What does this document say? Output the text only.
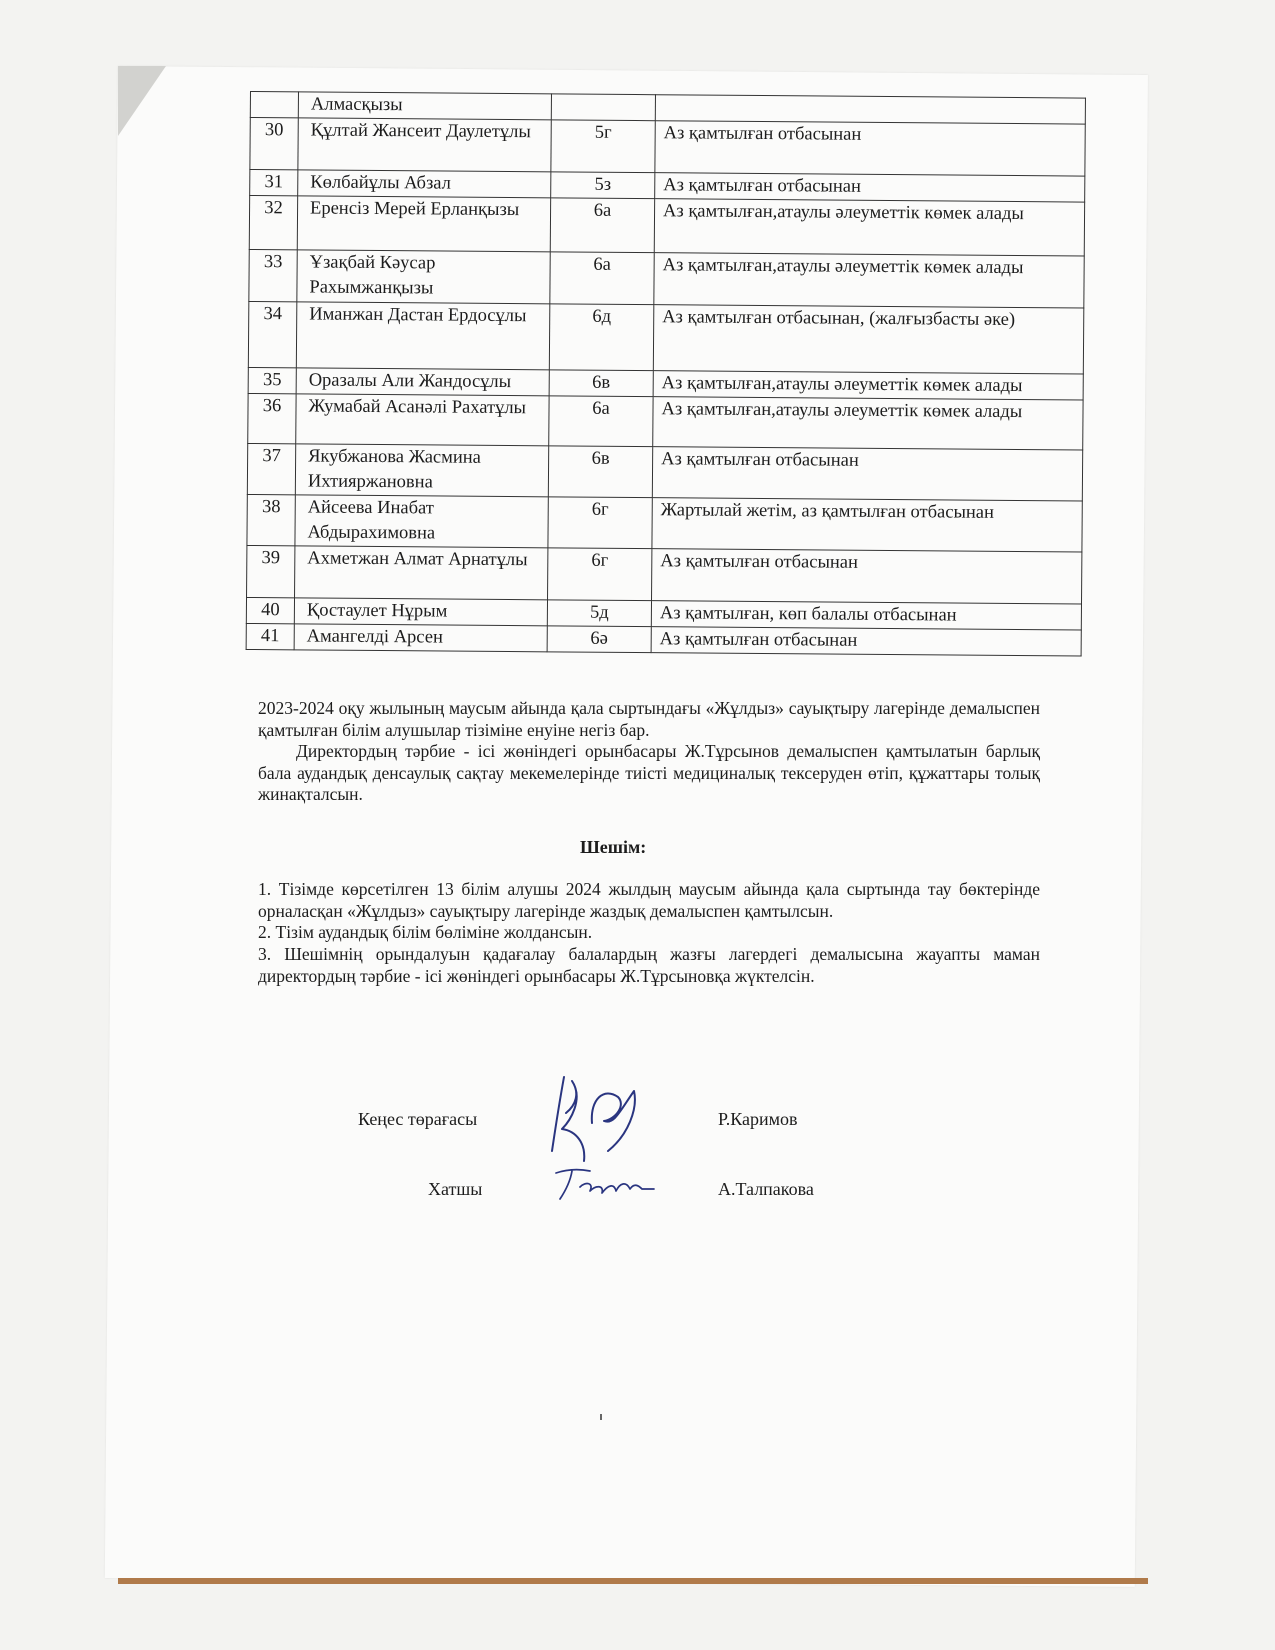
	Алмасқызы		
30	Құлтай Жансеит Даулетұлы	5г	Аз қамтылған отбасынан
31	Көлбайұлы Абзал	5з	Аз қамтылған отбасынан
32	Еренсіз Мерей Ерланқызы	6а	Аз қамтылған,атаулы әлеуметтік көмек алады
33	Ұзақбай Кәусар Рахымжанқызы	6а	Аз қамтылған,атаулы әлеуметтік көмек алады
34	Иманжан Дастан Ердосұлы	6д	Аз қамтылған отбасынан, (жалғызбасты әке)
35	Оразалы Али Жандосұлы	6в	Аз қамтылған,атаулы әлеуметтік көмек алады
36	Жумабай Асанәлі Рахатұлы	6а	Аз қамтылған,атаулы әлеуметтік көмек алады
37	Якубжанова Жасмина Ихтияржановна	6в	Аз қамтылған отбасынан
38	Айсеева Инабат Абдырахимовна	6г	Жартылай жетім, аз қамтылған отбасынан
39	Ахметжан Алмат Арнатұлы	6г	Аз қамтылған отбасынан
40	Қостаулет Нұрым	5д	Аз қамтылған, көп балалы отбасынан
41	Амангелді Арсен	6ә	Аз қамтылған отбасынан
2023-2024 оқу жылының маусым айында қала сыртындағы «Жұлдыз» сауықтыру лагерінде демалыспен қамтылған білім алушылар тізіміне енуіне негіз бар.
Директордың тәрбие - ісі жөніндегі орынбасары Ж.Тұрсынов демалыспен қамтылатын барлық бала аудандық денсаулық сақтау мекемелерінде тиісті медициналық тексеруден өтіп, құжаттары толық жинақталсын.
Шешім:
1. Тізімде көрсетілген 13 білім алушы 2024 жылдың маусым айында қала сыртында тау бөктерінде орналасқан «Жұлдыз» сауықтыру лагерінде жаздық демалыспен қамтылсын.
2. Тізім аудандық білім бөліміне жолдансын.
3. Шешімнің орындалуын қадағалау балалардың жазғы лагердегі демалысына жауапты маман директордың тәрбие - ісі жөніндегі орынбасары Ж.Тұрсыновқа жүктелсін.
Кеңес төрағасы	Р.Каримов
Хатшы	А.Талпакова
